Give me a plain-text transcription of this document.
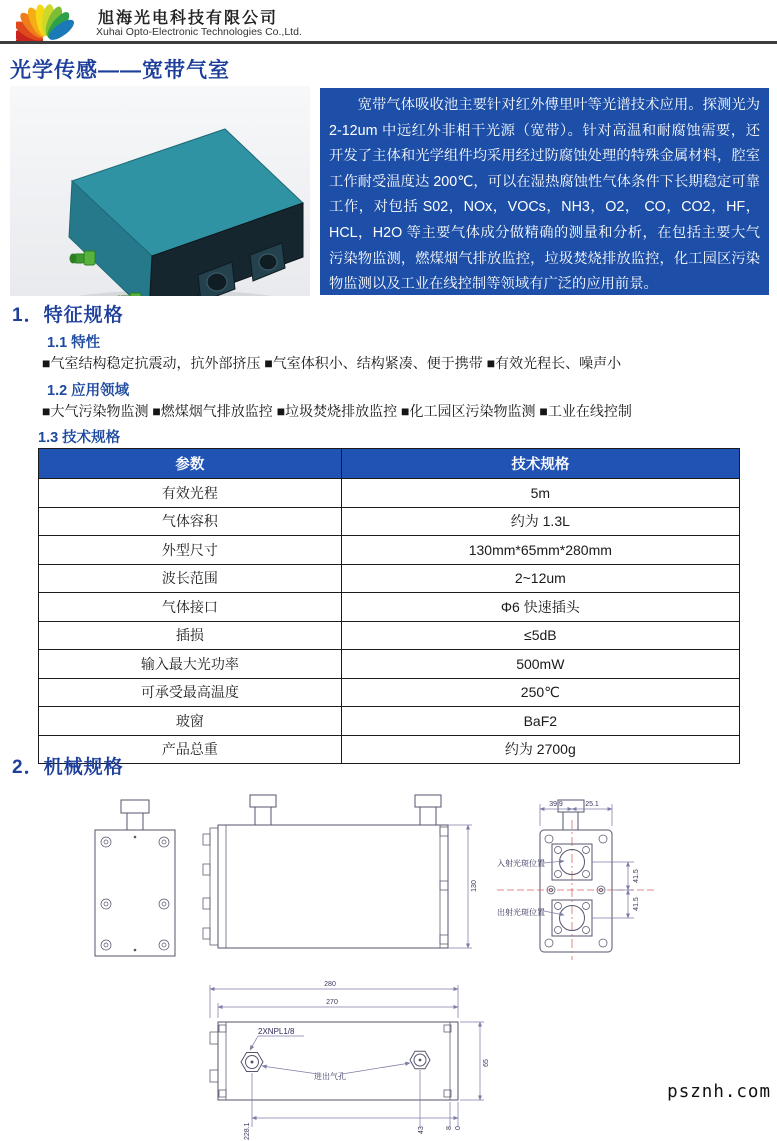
旭海光电科技有限公司
Xuhai Opto-Electronic Technologies Co.,Ltd.
光学传感——宽带气室

宽带气体吸收池主要针对红外傅里叶等光谱技术应用。探测光为 2-12um 中远红外非相干光源（宽带）。针对高温和耐腐蚀需要，还开发了主体和光学组件均采用经过防腐蚀处理的特殊金属材料，腔室工作耐受温度达 200℃，可以在湿热腐蚀性气体条件下长期稳定可靠工作，对包括 S02，NOx，VOCs，NH3，O2， CO，CO2，HF，HCL，H2O 等主要气体成分做精确的测量和分析，在包括主要大气污染物监测，燃煤烟气排放监控，垃圾焚烧排放监控，化工园区污染物监测以及工业在线控制等领域有广泛的应用前景。

1．特征规格
1.1 特性
■气室结构稳定抗震动，抗外部挤压 ■气室体积小、结构紧凑、便于携带 ■有效光程长、噪声小
1.2 应用领域
■大气污染物监测 ■燃煤烟气排放监控 ■垃圾焚烧排放监控 ■化工园区污染物监测 ■工业在线控制
1.3 技术规格
参数	技术规格
有效光程	5m
气体容积	约为 1.3L
外型尺寸	130mm*65mm*280mm
波长范围	2~12um
气体接口	Φ6 快速插头
插损	≤5dB
输入最大光功率	500mW
可承受最高温度	250℃
玻窗	BaF2
产品总重	约为 2700g
2．机械规格
130
39.9	25.1
41.5
41.5
入射光斑位置
出射光斑位置
2XNPL1/8
进出气孔
280
270
65
228.1	43	8 0
psznh.com
